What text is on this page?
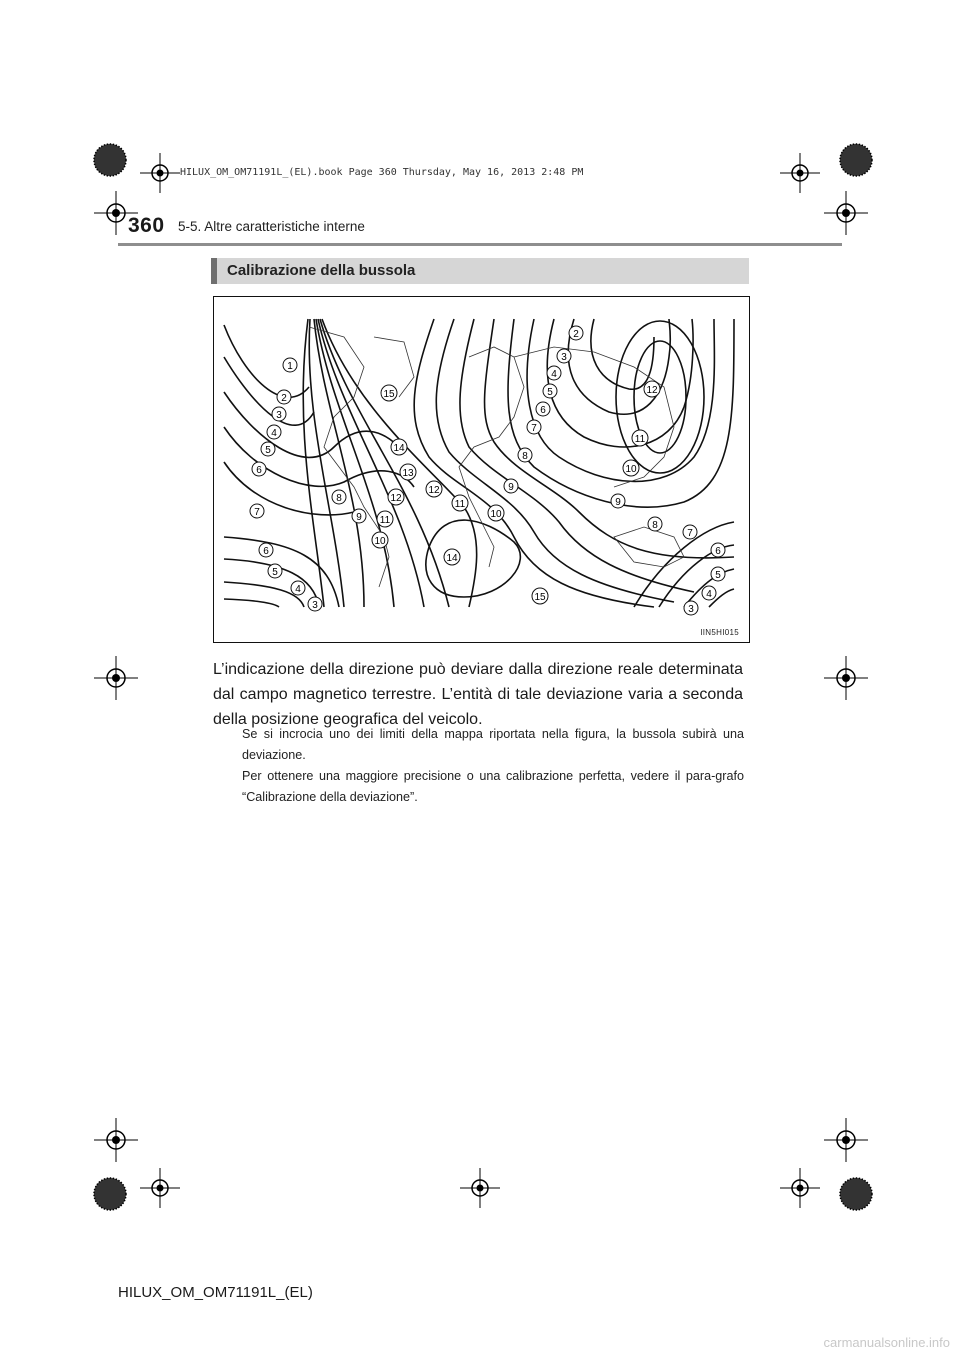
HILUX_OM_OM71191L_(EL).book Page 360 Thursday, May 16, 2013 2:48 PM
360 5-5. Altre caratteristiche interne
Calibrazione della bussola
1
2
3
4
5
6
7
8
9
10
11
12
13
14
15	12
11
10
9
8
7
6
5
4
3
2
3
4
5
6
7
8
9
10
11
12
14
15
6
5
4
3
IIN5HI015
L’indicazione della direzione può deviare dalla direzione reale determinata dal campo magnetico terrestre. L’entità di tale deviazione varia a seconda della posizione geografica del veicolo.
Se si incrocia uno dei limiti della mappa riportata nella figura, la bussola subirà una deviazione.
Per ottenere una maggiore precisione o una calibrazione perfetta, vedere il para-grafo “Calibrazione della deviazione”.
HILUX_OM_OM71191L_(EL)
carmanualsonline.info
